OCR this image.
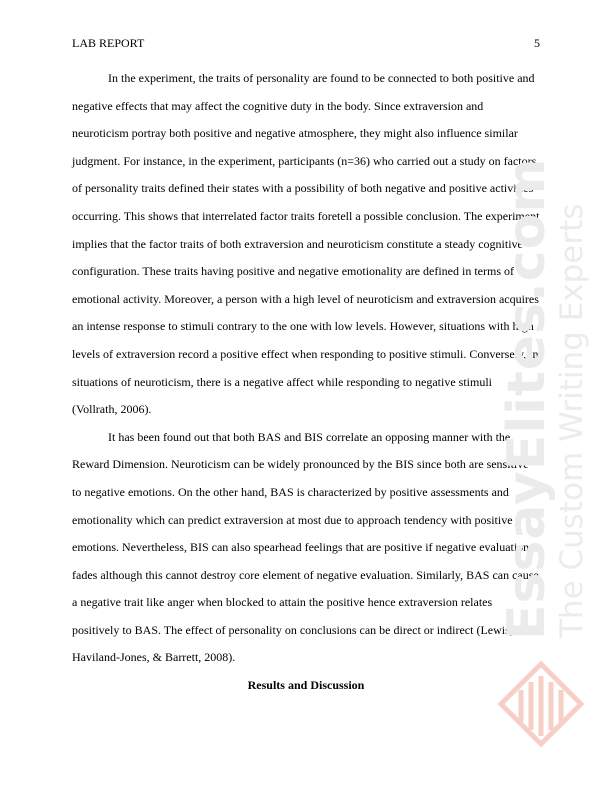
LAB REPORT	5

In the experiment, the traits of personality are found to be connected to both positive and negative effects that may affect the cognitive duty in the body. Since extraversion and neuroticism portray both positive and negative atmosphere, they might also influence similar judgment. For instance, in the experiment, participants (n=36) who carried out a study on factors of personality traits defined their states with a possibility of both negative and positive activities occurring. This shows that interrelated factor traits foretell a possible conclusion. The experiment implies that the factor traits of both extraversion and neuroticism constitute a steady cognitive configuration. These traits having positive and negative emotionality are defined in terms of emotional activity. Moreover, a person with a high level of neuroticism and extraversion acquires an intense response to stimuli contrary to the one with low levels. However, situations with high levels of extraversion record a positive effect when responding to positive stimuli. Conversely, in situations of neuroticism, there is a negative affect while responding to negative stimuli (Vollrath, 2006).

It has been found out that both BAS and BIS correlate an opposing manner with the Reward Dimension. Neuroticism can be widely pronounced by the BIS since both are sensitive to negative emotions. On the other hand, BAS is characterized by positive assessments and emotionality which can predict extraversion at most due to approach tendency with positive emotions. Nevertheless, BIS can also spearhead feelings that are positive if negative evaluation fades although this cannot destroy core element of negative evaluation. Similarly, BAS can cause a negative trait like anger when blocked to attain the positive hence extraversion relates positively to BAS. The effect of personality on conclusions can be direct or indirect (Lewis, Haviland-Jones, & Barrett, 2008).

Results and Discussion

EssayElites.com
The Custom Writing Experts
